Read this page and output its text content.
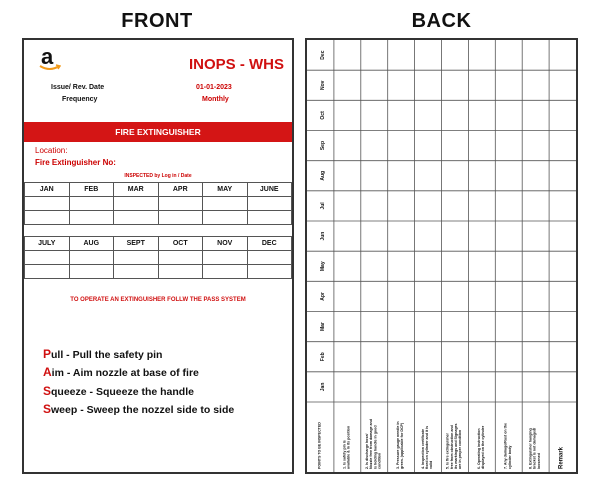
FRONT	BACK
a	INOPS - WHS
Issue/ Rev. Date	01-01-2023
Frequency	Monthly
FIRE EXTINGUISHER
Location:
Fire Extinguisher No:
INSPECTED by Log in / Date
JAN	FEB	MAR	APR	MAY	JUNE

JULY	AUG	SEPT	OCT	NOV	DEC

TO OPERATE AN EXTINGUISHER FOLLW THE PASS SYSTEM
Pull - Pull the safety pin
Aim - Aim nozzle at base of fire
Squeeze - Squeeze the handle
Sweep - Sweep the nozzel side to side
Dec
Nov
Oct
Sep
Aug
Jul
Jun
May
Apr
Mar
Feb
Jan
POINTS TO BE INSPECTED	1. Is safety pin isavailable & in its position	2. Is discharge hose/Nozzle free from damage andis holding handle in goodcondition	3. Pressure gauge needle ingreen. (applicable for DCP)	4. Inspection certificatefixed on cylinder and it isvalid	5. Is fire extinguisherfree from obstruction andits markings and Signagesare in proper condition	6. Operating instructiondisplayed on the cylinder	7. Any damage/Rust on thecylinder body	8. Extinguisher hangingbracket is not damaged/loosened	Remark
